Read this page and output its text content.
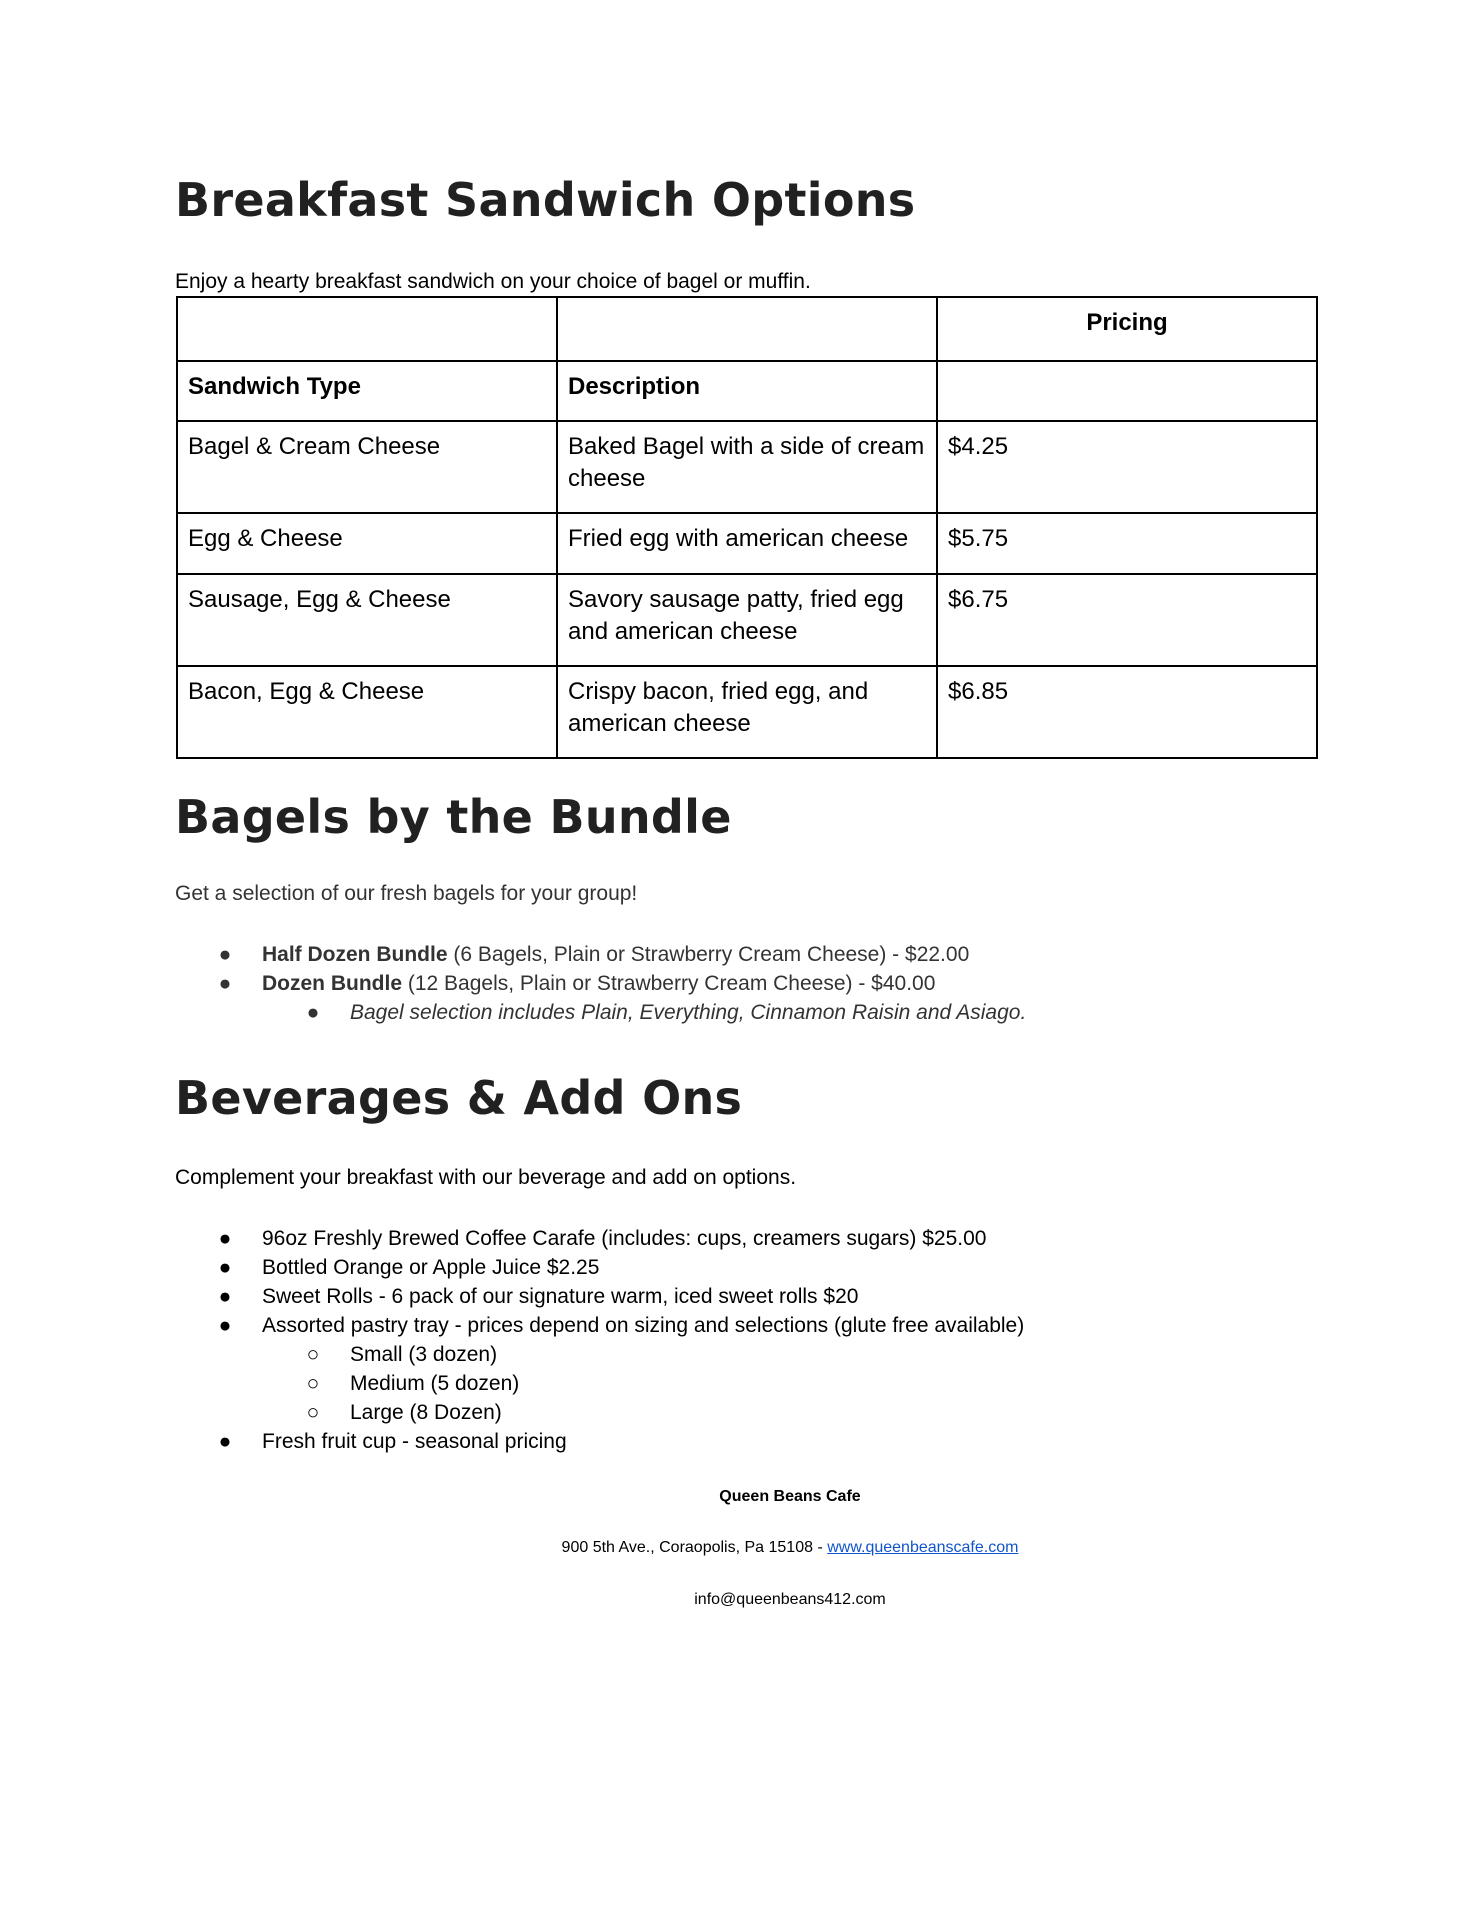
Breakfast Sandwich Options

Enjoy a hearty breakfast sandwich on your choice of bagel or muffin.

		Pricing
Sandwich Type	Description	
Bagel & Cream Cheese	Baked Bagel with a side of cream cheese	$4.25
Egg & Cheese	Fried egg with american cheese	$5.75
Sausage, Egg & Cheese	Savory sausage patty, fried egg and american cheese	$6.75
Bacon, Egg & Cheese	Crispy bacon, fried egg, and american cheese	$6.85
Bagels by the Bundle

Get a selection of our fresh bagels for your group!

● Half Dozen Bundle (6 Bagels, Plain or Strawberry Cream Cheese) - $22.00
● Dozen Bundle (12 Bagels, Plain or Strawberry Cream Cheese) - $40.00
● Bagel selection includes Plain, Everything, Cinnamon Raisin and Asiago.
Beverages & Add Ons

Complement your breakfast with our beverage and add on options.

● 96oz Freshly Brewed Coffee Carafe (includes: cups, creamers sugars) $25.00
● Bottled Orange or Apple Juice $2.25
● Sweet Rolls - 6 pack of our signature warm, iced sweet rolls $20
● Assorted pastry tray - prices depend on sizing and selections (glute free available)
○ Small (3 dozen)
○ Medium (5 dozen)
○ Large (8 Dozen)
● Fresh fruit cup - seasonal pricing
Queen Beans Cafe
900 5th Ave., Coraopolis, Pa 15108 - www.queenbeanscafe.com
info@queenbeans412.com
